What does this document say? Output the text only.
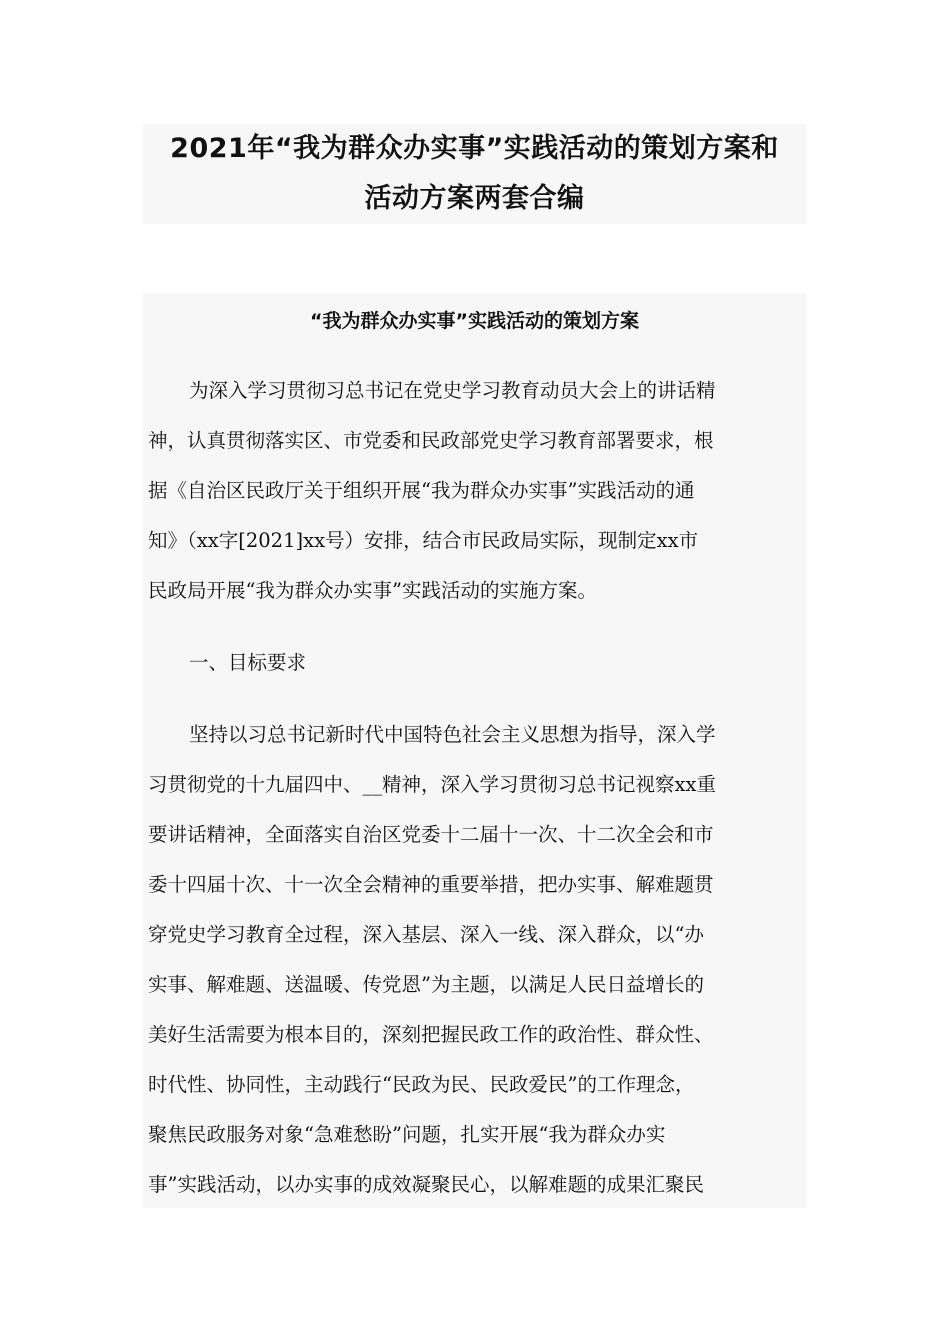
2021年“我为群众办实事”实践活动的策划方案和
活动方案两套合编
“我为群众办实事”实践活动的策划方案

为深入学习贯彻习总书记在党史学习教育动员大会上的讲话精

神，认真贯彻落实区、市党委和民政部党史学习教育部署要求，根

据《自治区民政厅关于组织开展“我为群众办实事”实践活动的通

知》（xx字[2021]xx号）安排，结合市民政局实际，现制定xx市

民政局开展“我为群众办实事”实践活动的实施方案。

一、目标要求

坚持以习总书记新时代中国特色社会主义思想为指导，深入学

习贯彻党的十九届四中、__精神，深入学习贯彻习总书记视察xx重

要讲话精神，全面落实自治区党委十二届十一次、十二次全会和市

委十四届十次、十一次全会精神的重要举措，把办实事、解难题贯

穿党史学习教育全过程，深入基层、深入一线、深入群众，以“办

实事、解难题、送温暖、传党恩”为主题，以满足人民日益增长的

美好生活需要为根本目的，深刻把握民政工作的政治性、群众性、

时代性、协同性，主动践行“民政为民、民政爱民”的工作理念，

聚焦民政服务对象“急难愁盼”问题，扎实开展“我为群众办实

事”实践活动，以办实事的成效凝聚民心，以解难题的成果汇聚民
